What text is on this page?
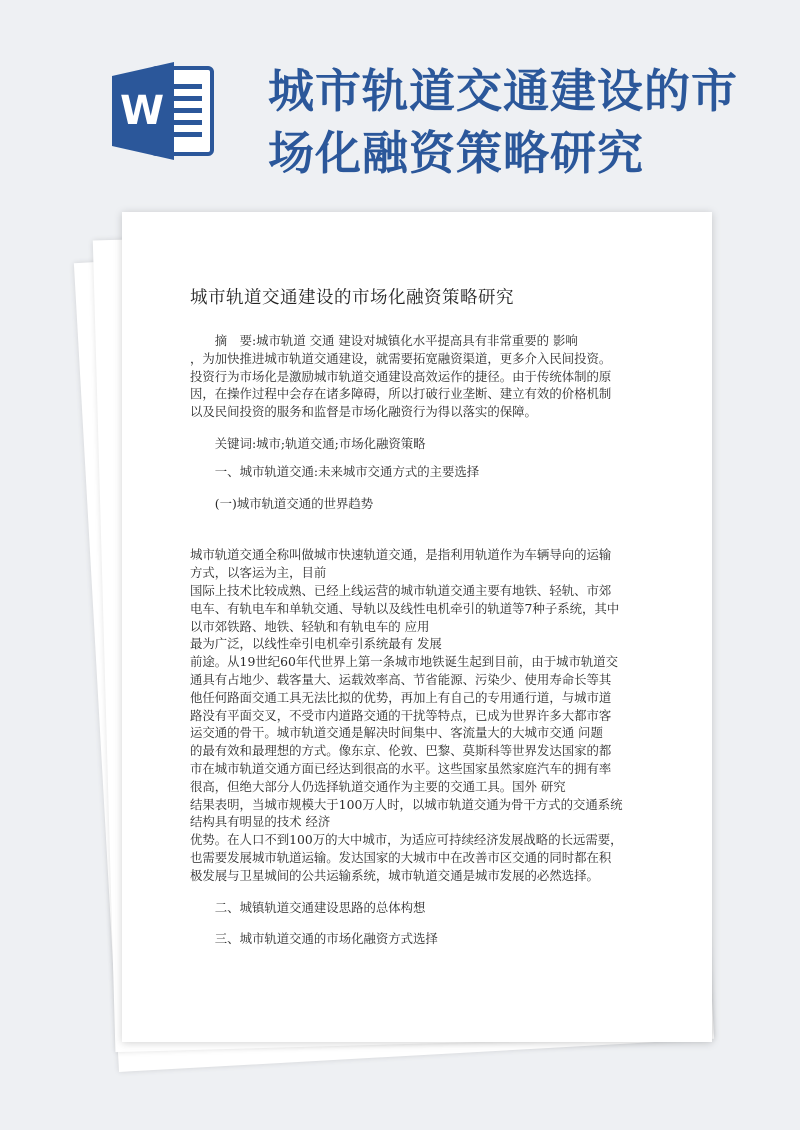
W 城市轨道交通建设的市
场化融资策略研究
城市轨道交通建设的市场化融资策略研究
摘　要:城市轨道 交通 建设对城镇化水平提高具有非常重要的 影响
，为加快推进城市轨道交通建设，就需要拓宽融资渠道，更多介入民间投资。
投资行为市场化是激励城市轨道交通建设高效运作的捷径。由于传统体制的原
因，在操作过程中会存在诸多障碍，所以打破行业垄断、建立有效的价格机制
以及民间投资的服务和监督是市场化融资行为得以落实的保障。
关键词:城市;轨道交通;市场化融资策略
一、城市轨道交通:未来城市交通方式的主要选择
(一)城市轨道交通的世界趋势
城市轨道交通全称叫做城市快速轨道交通，是指利用轨道作为车辆导向的运输
方式，以客运为主，目前
国际上技术比较成熟、已经上线运营的城市轨道交通主要有地铁、轻轨、市郊
电车、有轨电车和单轨交通、导轨以及线性电机牵引的轨道等7种子系统，其中
以市郊铁路、地铁、轻轨和有轨电车的 应用
最为广泛，以线性牵引电机牵引系统最有 发展
前途。从19世纪60年代世界上第一条城市地铁诞生起到目前，由于城市轨道交
通具有占地少、载客量大、运载效率高、节省能源、污染少、使用寿命长等其
他任何路面交通工具无法比拟的优势，再加上有自己的专用通行道，与城市道
路没有平面交叉，不受市内道路交通的干扰等特点，已成为世界许多大都市客
运交通的骨干。城市轨道交通是解决时间集中、客流量大的大城市交通 问题
的最有效和最理想的方式。像东京、伦敦、巴黎、莫斯科等世界发达国家的都
市在城市轨道交通方面已经达到很高的水平。这些国家虽然家庭汽车的拥有率
很高，但绝大部分人仍选择轨道交通作为主要的交通工具。国外 研究
结果表明，当城市规模大于100万人时，以城市轨道交通为骨干方式的交通系统
结构具有明显的技术 经济
优势。在人口不到100万的大中城市，为适应可持续经济发展战略的长远需要，
也需要发展城市轨道运输。发达国家的大城市中在改善市区交通的同时都在积
极发展与卫星城间的公共运输系统，城市轨道交通是城市发展的必然选择。
二、城镇轨道交通建设思路的总体构想
三、城市轨道交通的市场化融资方式选择
